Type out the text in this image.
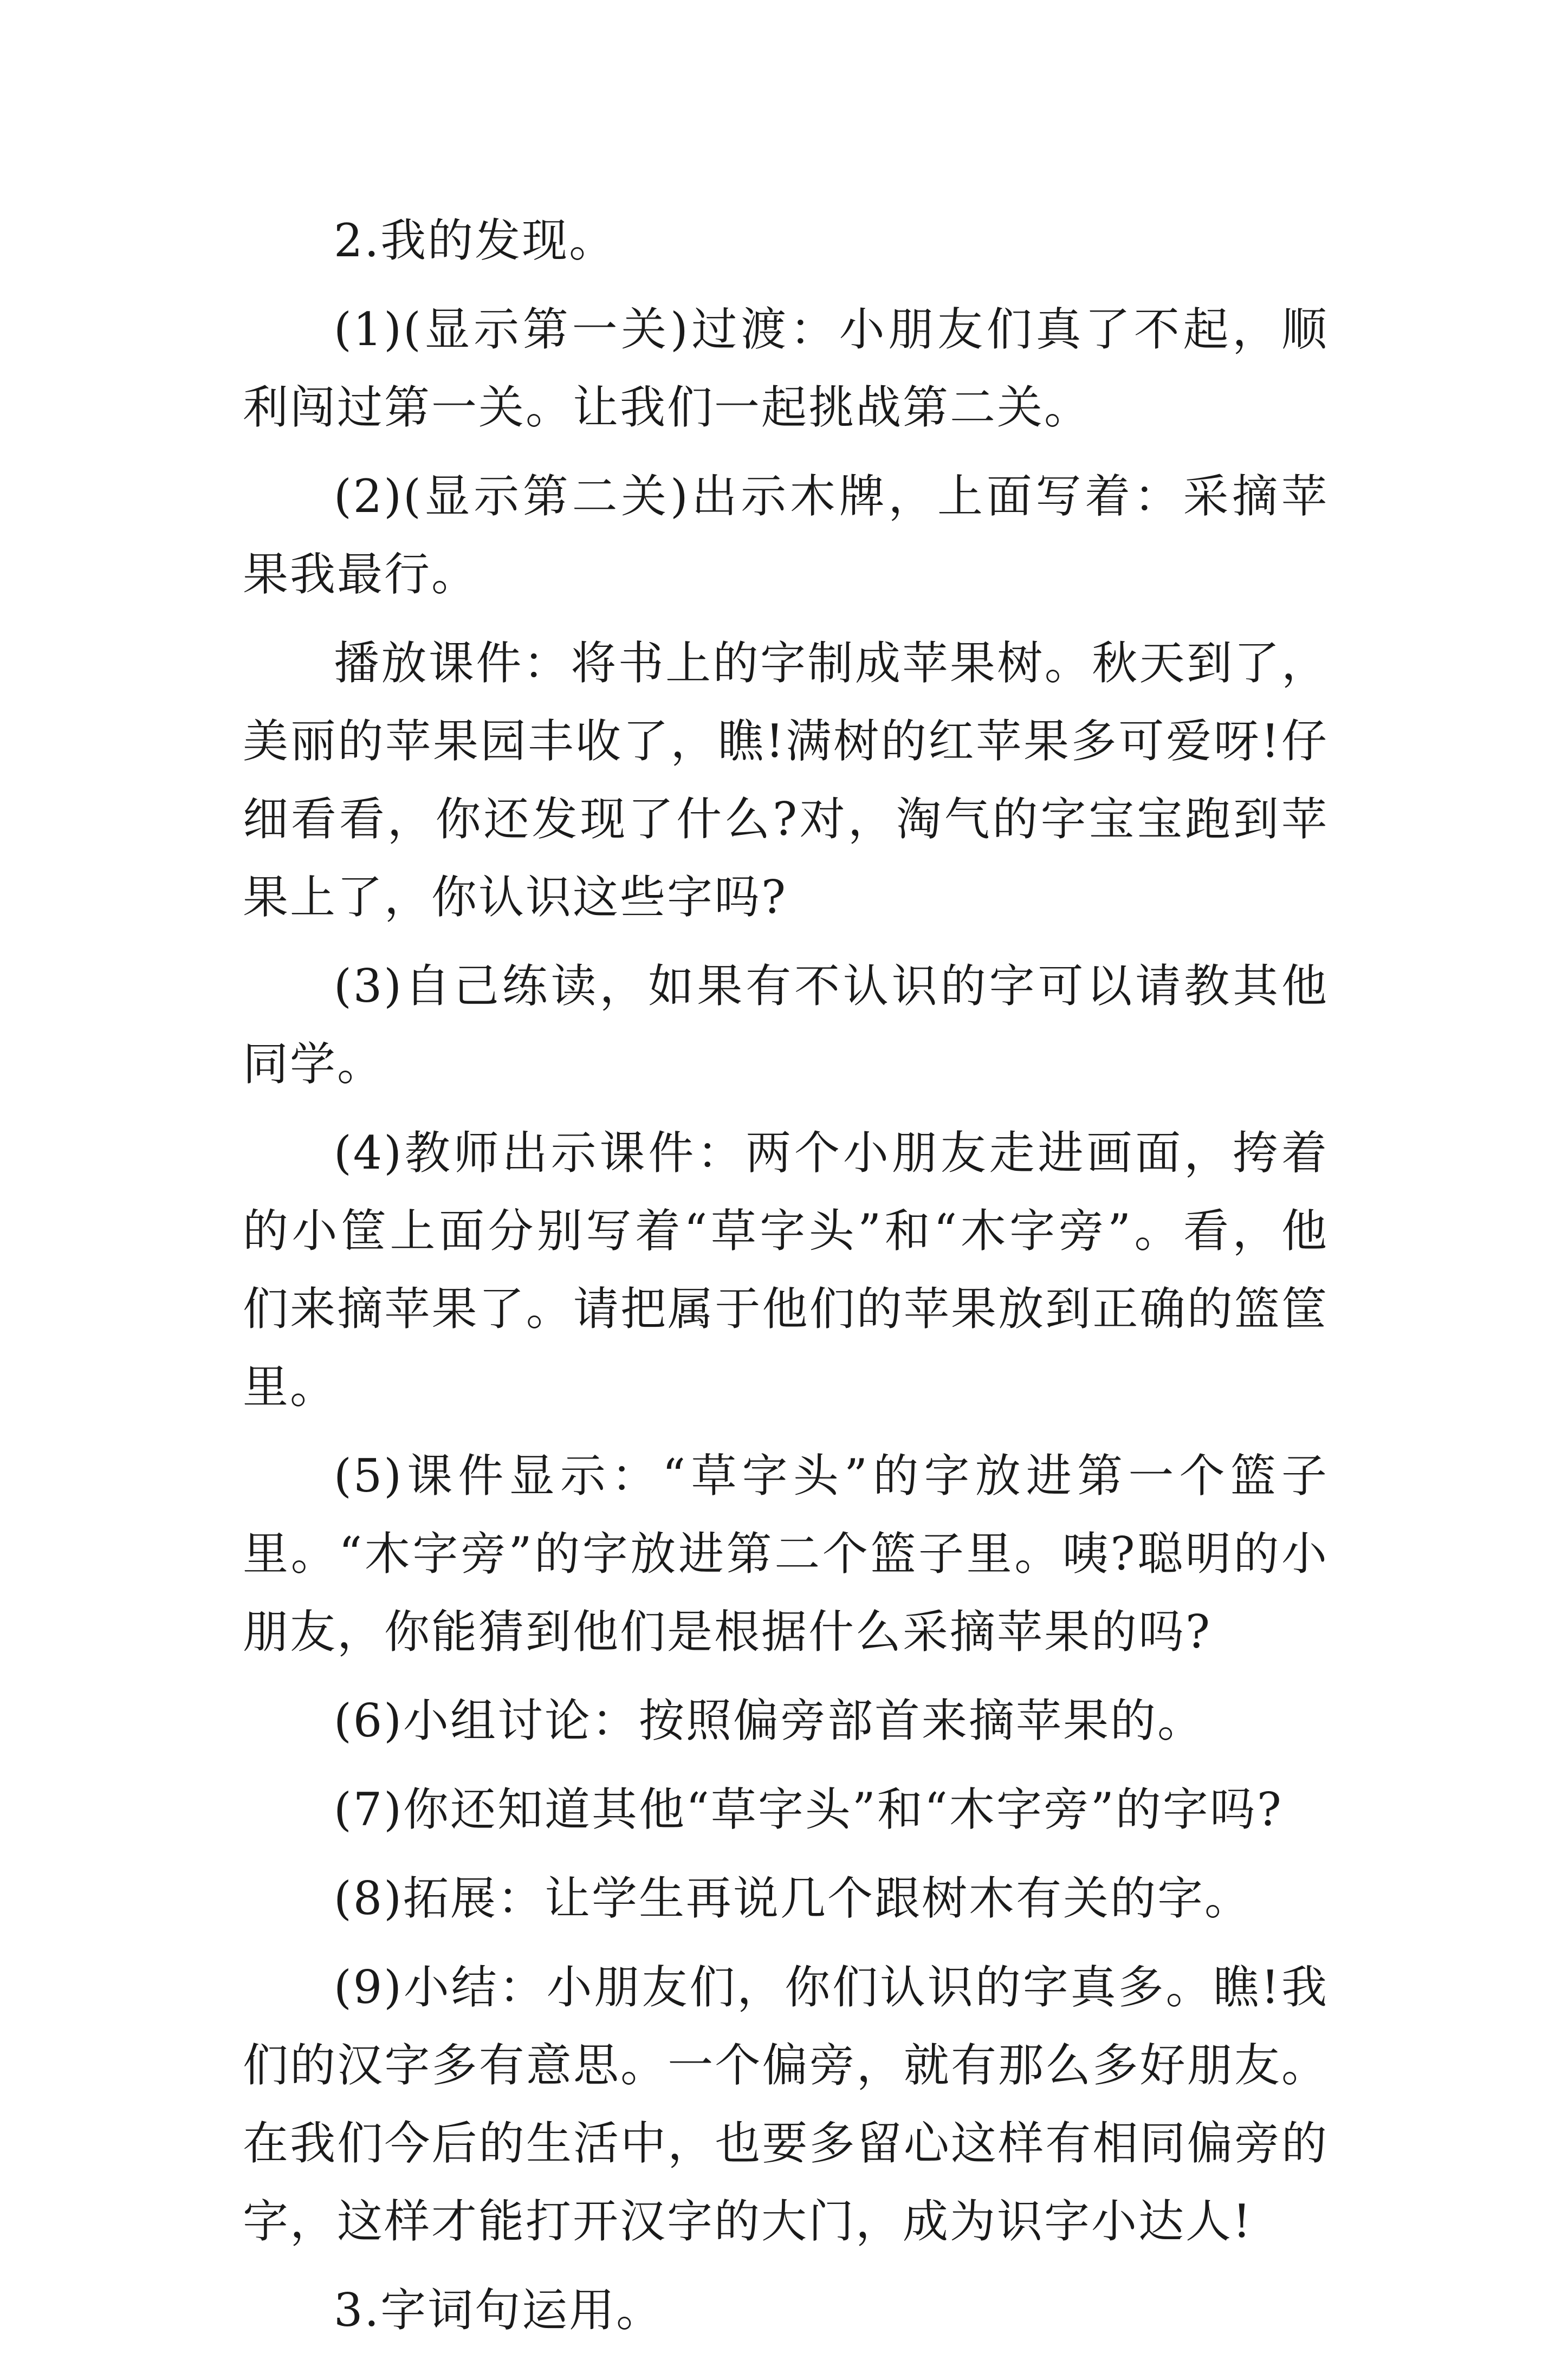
2.我的发现。

(1)(显示第一关)过渡：小朋友们真了不起，顺利闯过第一关。让我们一起挑战第二关。

(2)(显示第二关)出示木牌，上面写着：采摘苹果我最行。

播放课件：将书上的字制成苹果树。秋天到了，美丽的苹果园丰收了，瞧!满树的红苹果多可爱呀!仔细看看，你还发现了什么?对，淘气的字宝宝跑到苹果上了，你认识这些字吗?

(3)自己练读，如果有不认识的字可以请教其他同学。

(4)教师出示课件：两个小朋友走进画面，挎着的小筐上面分别写着“草字头”和“木字旁”。看，他们来摘苹果了。请把属于他们的苹果放到正确的篮筐里。

(5)课件显示：“草字头”的字放进第一个篮子里。“木字旁”的字放进第二个篮子里。咦?聪明的小朋友，你能猜到他们是根据什么采摘苹果的吗?

(6)小组讨论：按照偏旁部首来摘苹果的。

(7)你还知道其他“草字头”和“木字旁”的字吗?

(8)拓展：让学生再说几个跟树木有关的字。

(9)小结：小朋友们，你们认识的字真多。瞧!我们的汉字多有意思。一个偏旁，就有那么多好朋友。在我们今后的生活中，也要多留心这样有相同偏旁的字，这样才能打开汉字的大门，成为识字小达人!

3.字词句运用。
